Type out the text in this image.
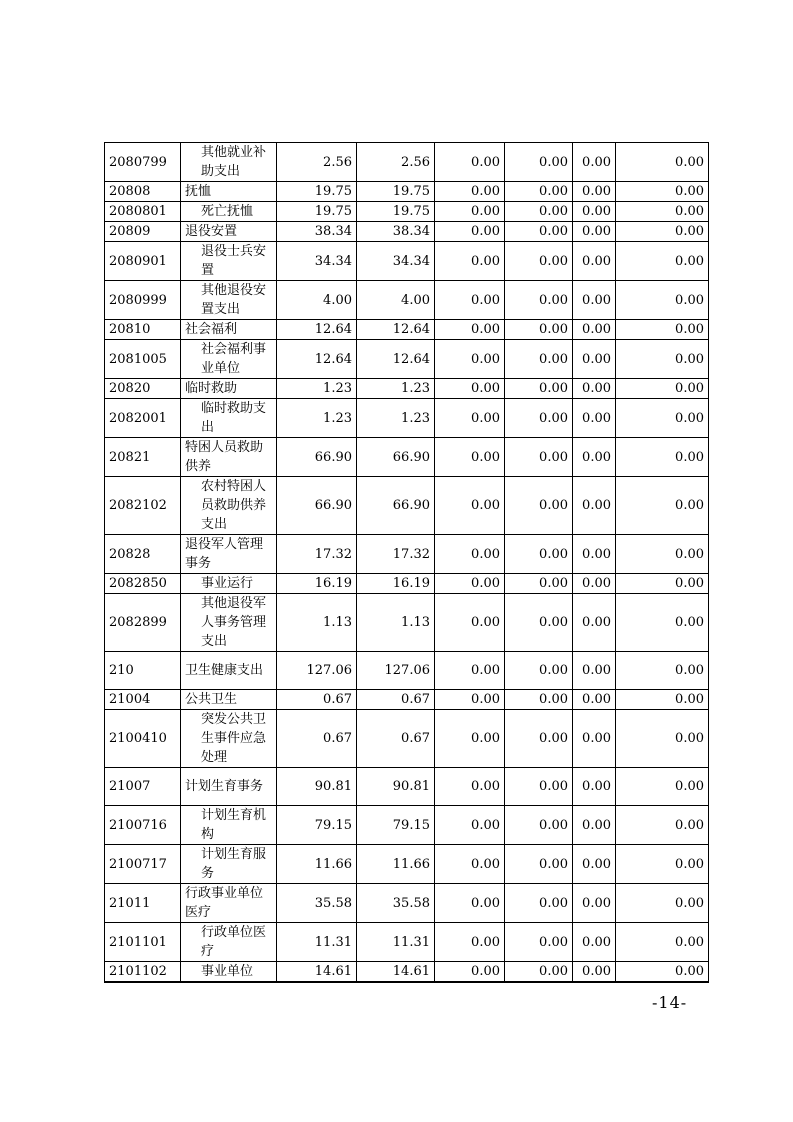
2080799	其他就业补助支出	2.56	2.56	0.00	0.00	0.00	0.00
20808	抚恤	19.75	19.75	0.00	0.00	0.00	0.00
2080801	死亡抚恤	19.75	19.75	0.00	0.00	0.00	0.00
20809	退役安置	38.34	38.34	0.00	0.00	0.00	0.00
2080901	退役士兵安置	34.34	34.34	0.00	0.00	0.00	0.00
2080999	其他退役安置支出	4.00	4.00	0.00	0.00	0.00	0.00
20810	社会福利	12.64	12.64	0.00	0.00	0.00	0.00
2081005	社会福利事业单位	12.64	12.64	0.00	0.00	0.00	0.00
20820	临时救助	1.23	1.23	0.00	0.00	0.00	0.00
2082001	临时救助支出	1.23	1.23	0.00	0.00	0.00	0.00
20821	特困人员救助供养	66.90	66.90	0.00	0.00	0.00	0.00
2082102	农村特困人员救助供养支出	66.90	66.90	0.00	0.00	0.00	0.00
20828	退役军人管理事务	17.32	17.32	0.00	0.00	0.00	0.00
2082850	事业运行	16.19	16.19	0.00	0.00	0.00	0.00
2082899	其他退役军人事务管理支出	1.13	1.13	0.00	0.00	0.00	0.00
210	卫生健康支出	127.06	127.06	0.00	0.00	0.00	0.00
21004	公共卫生	0.67	0.67	0.00	0.00	0.00	0.00
2100410	突发公共卫生事件应急处理	0.67	0.67	0.00	0.00	0.00	0.00
21007	计划生育事务	90.81	90.81	0.00	0.00	0.00	0.00
2100716	计划生育机构	79.15	79.15	0.00	0.00	0.00	0.00
2100717	计划生育服务	11.66	11.66	0.00	0.00	0.00	0.00
21011	行政事业单位医疗	35.58	35.58	0.00	0.00	0.00	0.00
2101101	行政单位医疗	11.31	11.31	0.00	0.00	0.00	0.00
2101102	事业单位	14.61	14.61	0.00	0.00	0.00	0.00
-14-
